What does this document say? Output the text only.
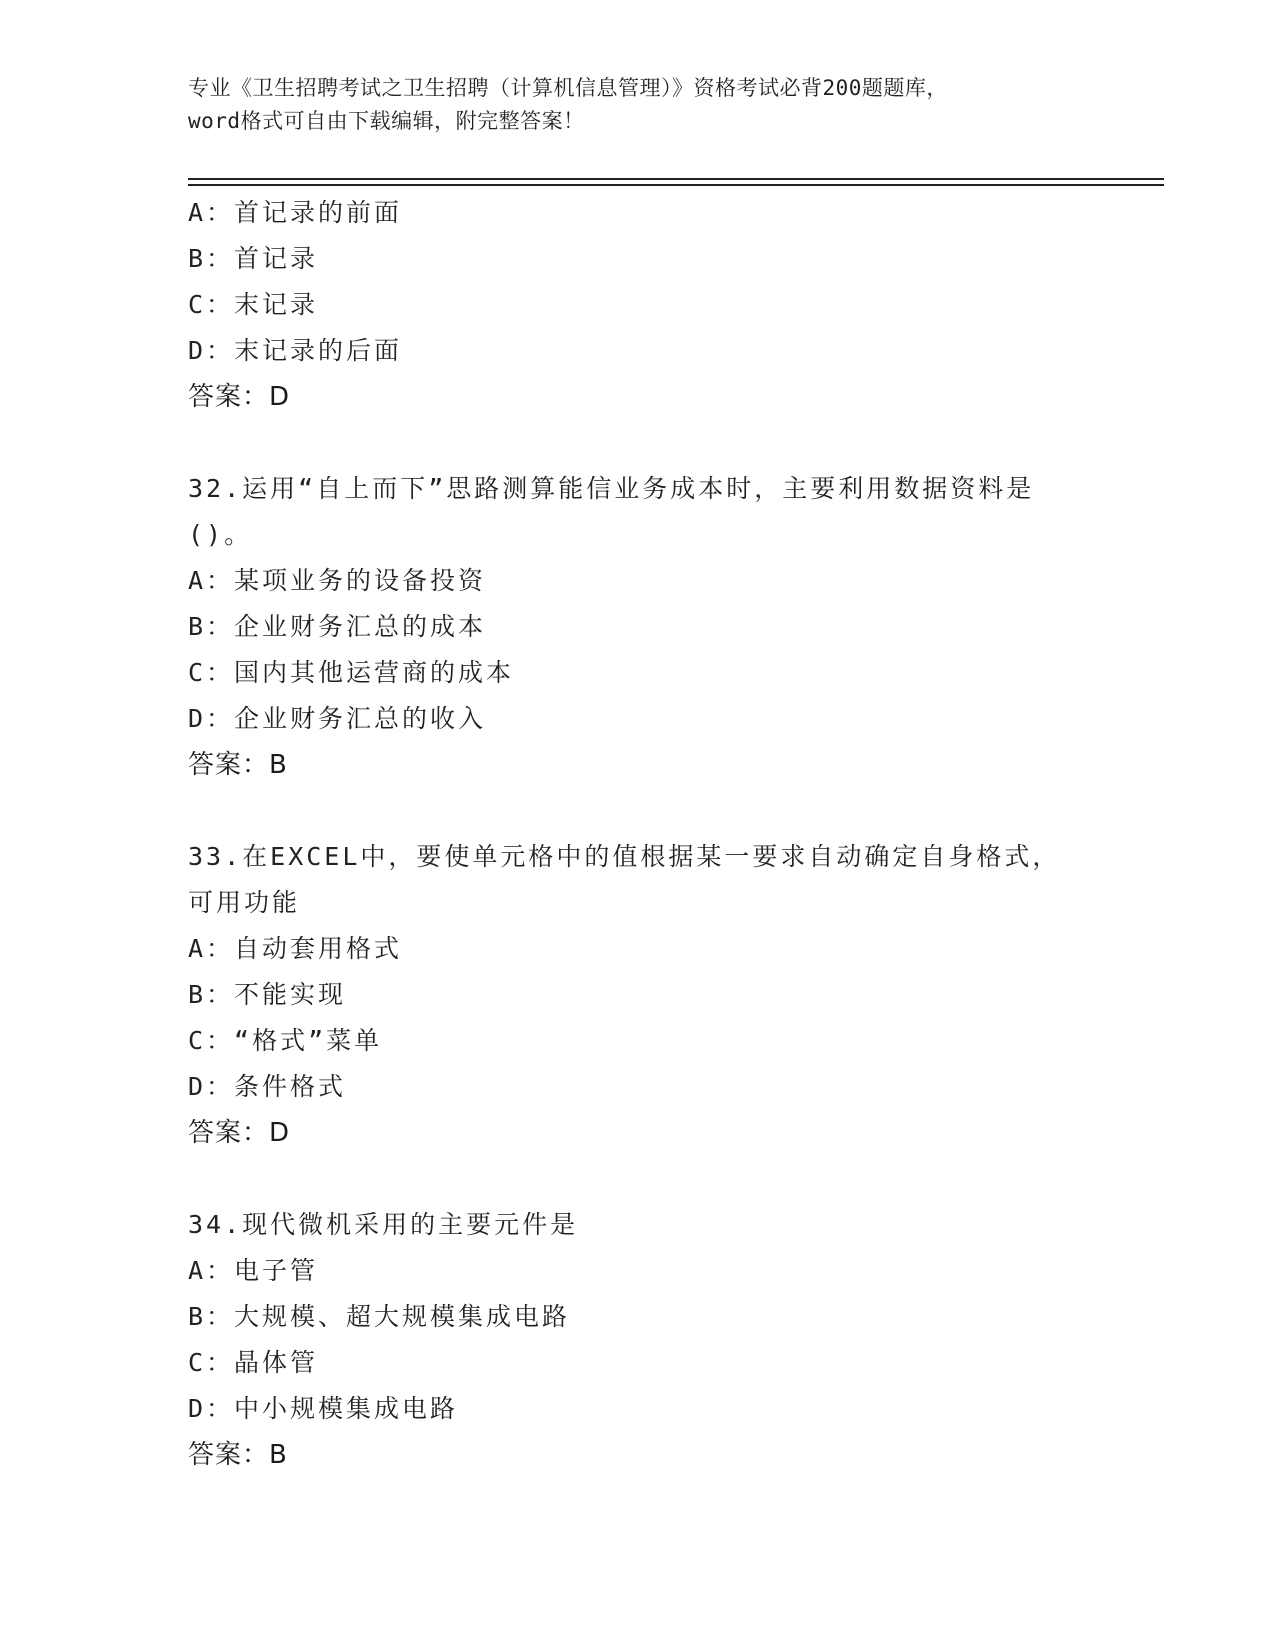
专业《卫生招聘考试之卫生招聘（计算机信息管理）》资格考试必背200题题库，
word格式可自由下载编辑，附完整答案！
A：首记录的前面
B：首记录
C：末记录
D：末记录的后面
答案：D
32.运用“自上而下”思路测算能信业务成本时，主要利用数据资料是
()。
A：某项业务的设备投资
B：企业财务汇总的成本
C：国内其他运营商的成本
D：企业财务汇总的收入
答案：B
33.在EXCEL中，要使单元格中的值根据某一要求自动确定自身格式，
可用功能
A：自动套用格式
B：不能实现
C：“格式”菜单
D：条件格式
答案：D
34.现代微机采用的主要元件是
A：电子管
B：大规模、超大规模集成电路
C：晶体管
D：中小规模集成电路
答案：B
